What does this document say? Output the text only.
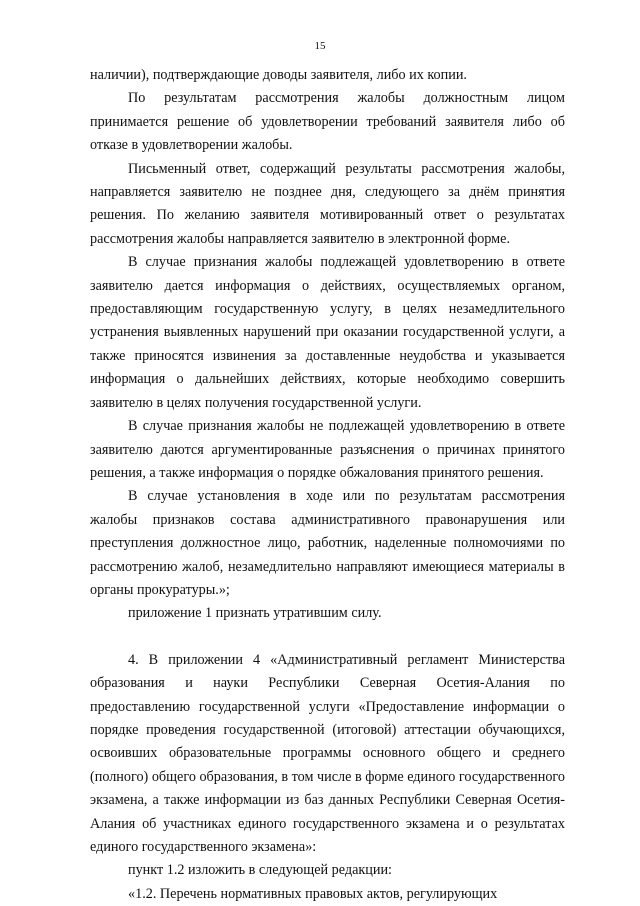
15

наличии), подтверждающие доводы заявителя, либо их копии.

По результатам рассмотрения жалобы должностным лицом принимается решение об удовлетворении требований заявителя либо об отказе в удовлетворении жалобы.

Письменный ответ, содержащий результаты рассмотрения жалобы, направляется заявителю не позднее дня, следующего за днём принятия решения. По желанию заявителя мотивированный ответ о результатах рассмотрения жалобы направляется заявителю в электронной форме.

В случае признания жалобы подлежащей удовлетворению в ответе заявителю дается информация о действиях, осуществляемых органом, предоставляющим государственную услугу, в целях незамедлительного устранения выявленных нарушений при оказании государственной услуги, а также приносятся извинения за доставленные неудобства и указывается информация о дальнейших действиях, которые необходимо совершить заявителю в целях получения государственной услуги.

В случае признания жалобы не подлежащей удовлетворению в ответе заявителю даются аргументированные разъяснения о причинах принятого решения, а также информация о порядке обжалования принятого решения.

В случае установления в ходе или по результатам рассмотрения жалобы признаков состава административного правонарушения или преступления должностное лицо, работник, наделенные полномочиями по рассмотрению жалоб, незамедлительно направляют имеющиеся материалы в органы прокуратуры.»;

приложение 1 признать утратившим силу.

4. В приложении 4 «Административный регламент Министерства образования и науки Республики Северная Осетия-Алания по предоставлению государственной услуги «Предоставление информации о порядке проведения государственной (итоговой) аттестации обучающихся, освоивших образовательные программы основного общего и среднего (полного) общего образования, в том числе в форме единого государственного экзамена, а также информации из баз данных Республики Северная Осетия-Алания об участниках единого государственного экзамена и о результатах единого государственного экзамена»:

пункт 1.2 изложить в следующей редакции:

«1.2. Перечень нормативных правовых актов, регулирующих
